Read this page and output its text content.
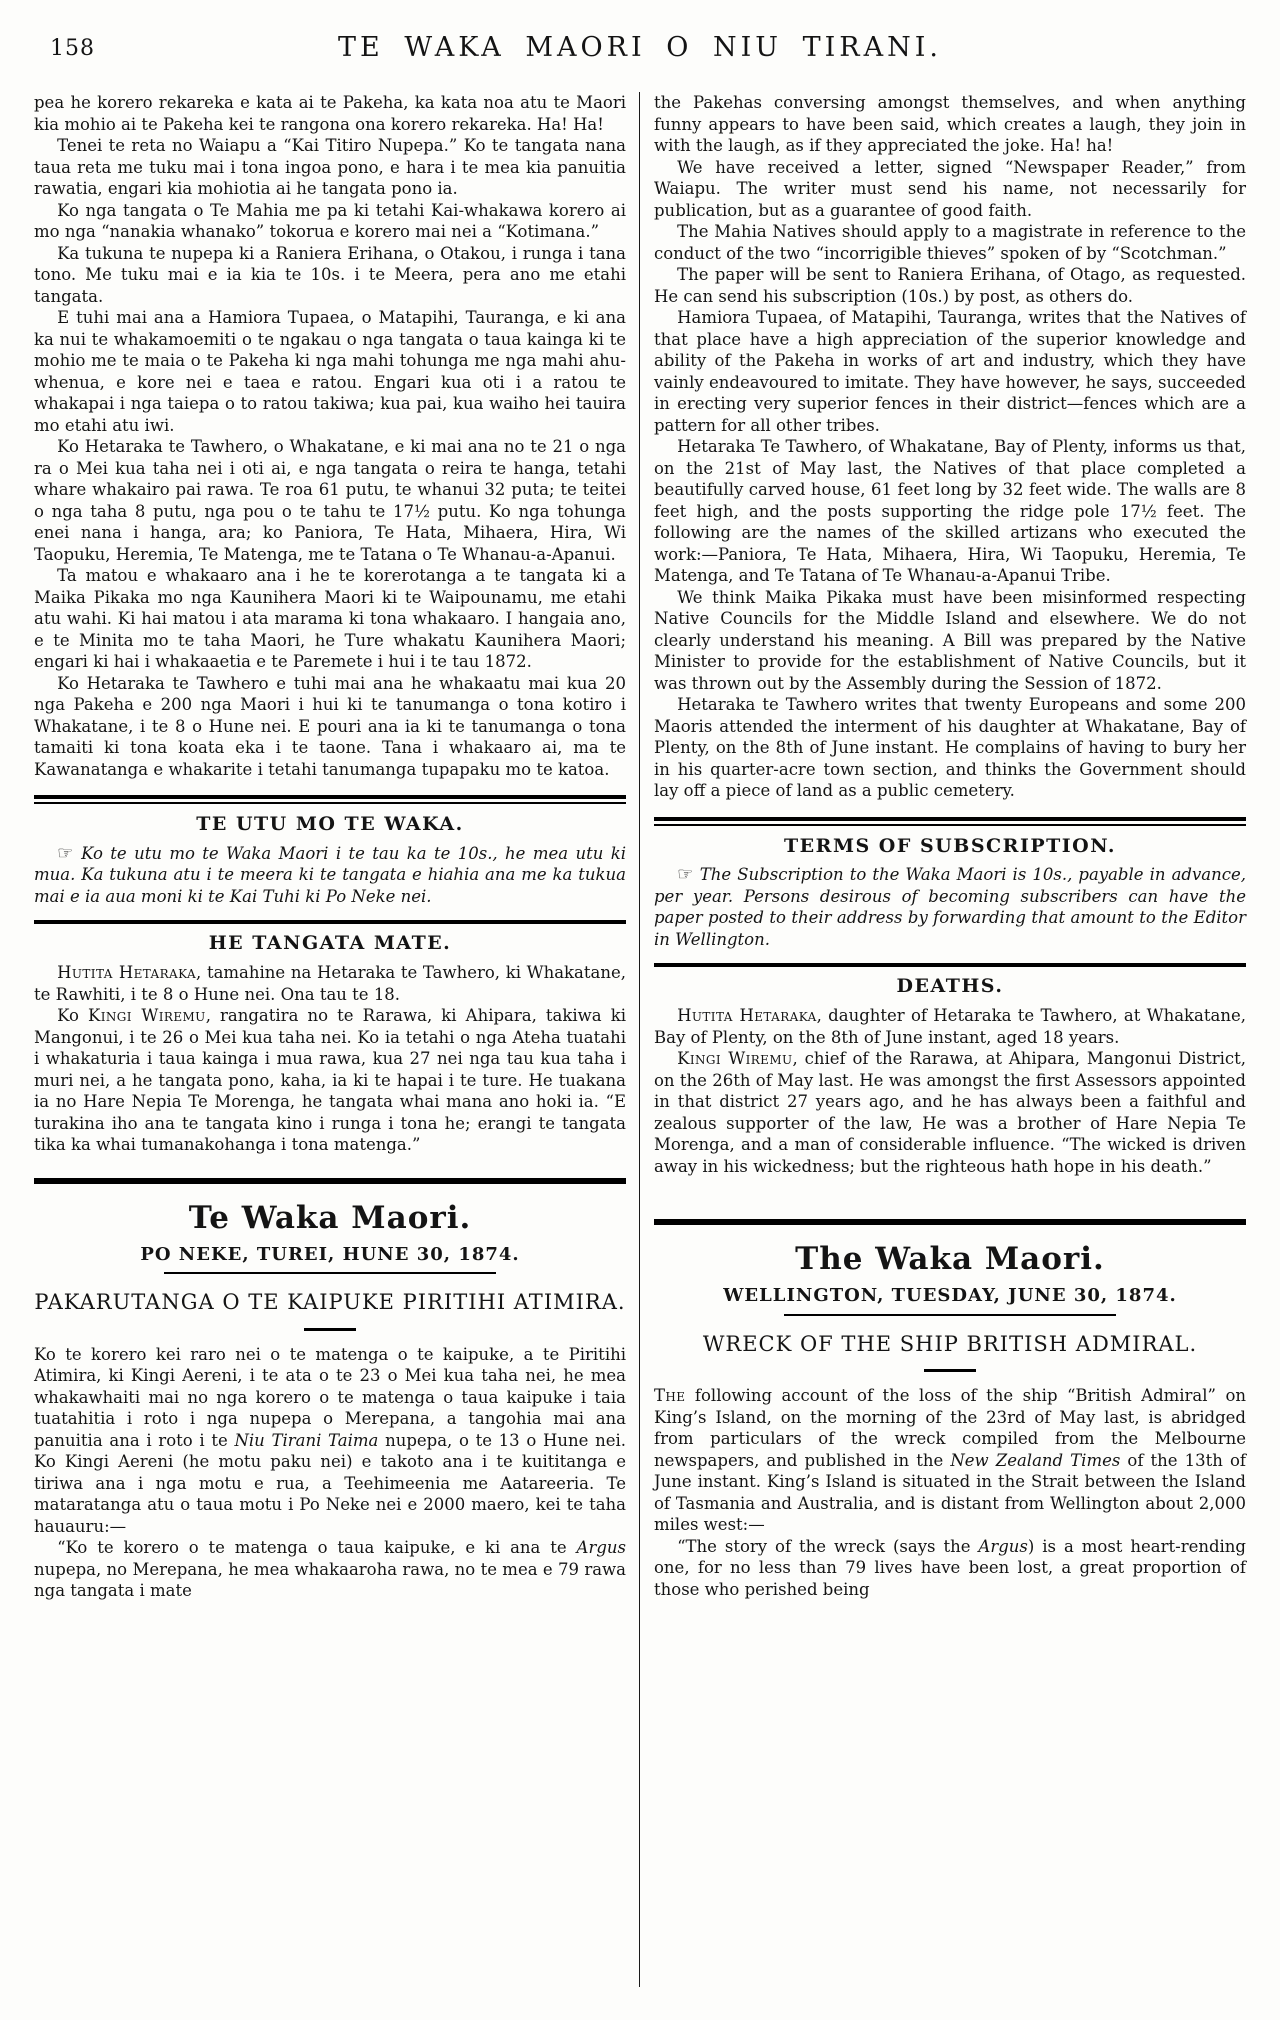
158	TE WAKA MAORI O NIU TIRANI.

pea he korero rekareka e kata ai te Pakeha, ka kata noa atu te Maori kia mohio ai te Pakeha kei te rangona ona korero rekareka. Ha! Ha!

Tenei te reta no Waiapu a “Kai Titiro Nupepa.” Ko te tangata nana taua reta me tuku mai i tona ingoa pono, e hara i te mea kia panuitia rawatia, engari kia mohiotia ai he tangata pono ia.

Ko nga tangata o Te Mahia me pa ki tetahi Kai-whakawa korero ai mo nga “nanakia whanako” tokorua e korero mai nei a “Kotimana.”

Ka tukuna te nupepa ki a Raniera Erihana, o Otakou, i runga i tana tono. Me tuku mai e ia kia te 10s. i te Meera, pera ano me etahi tangata.

E tuhi mai ana a Hamiora Tupaea, o Matapihi, Tauranga, e ki ana ka nui te whakamoemiti o te ngakau o nga tangata o taua kainga ki te mohio me te maia o te Pakeha ki nga mahi tohunga me nga mahi ahu-whenua, e kore nei e taea e ratou. Engari kua oti i a ratou te whakapai i nga taiepa o to ratou takiwa; kua pai, kua waiho hei tauira mo etahi atu iwi.

Ko Hetaraka te Tawhero, o Whakatane, e ki mai ana no te 21 o nga ra o Mei kua taha nei i oti ai, e nga tangata o reira te hanga, tetahi whare whakairo pai rawa. Te roa 61 putu, te whanui 32 puta; te teitei o nga taha 8 putu, nga pou o te tahu te 17½ putu. Ko nga tohunga enei nana i hanga, ara; ko Paniora, Te Hata, Mihaera, Hira, Wi Taopuku, Heremia, Te Matenga, me te Tatana o Te Whanau-a-Apanui.

Ta matou e whakaaro ana i he te korerotanga a te tangata ki a Maika Pikaka mo nga Kaunihera Maori ki te Waipounamu, me etahi atu wahi. Ki hai matou i ata marama ki tona whakaaro. I hangaia ano, e te Minita mo te taha Maori, he Ture whakatu Kaunihera Maori; engari ki hai i whakaaetia e te Paremete i hui i te tau 1872.

Ko Hetaraka te Tawhero e tuhi mai ana he whakaatu mai kua 20 nga Pakeha e 200 nga Maori i hui ki te tanumanga o tona kotiro i Whakatane, i te 8 o Hune nei. E pouri ana ia ki te tanumanga o tona tamaiti ki tona koata eka i te taone. Tana i whakaaro ai, ma te Kawanatanga e whakarite i tetahi tanumanga tupapaku mo te katoa.

TE UTU MO TE WAKA.

☞ Ko te utu mo te Waka Maori i te tau ka te 10s., he mea utu ki mua. Ka tukuna atu i te meera ki te tangata e hiahia ana me ka tukua mai e ia aua moni ki te Kai Tuhi ki Po Neke nei.

HE TANGATA MATE.

Hutita Hetaraka, tamahine na Hetaraka te Tawhero, ki Whakatane, te Rawhiti, i te 8 o Hune nei. Ona tau te 18.

Ko Kingi Wiremu, rangatira no te Rarawa, ki Ahipara, takiwa ki Mangonui, i te 26 o Mei kua taha nei. Ko ia tetahi o nga Ateha tuatahi i whakaturia i taua kainga i mua rawa, kua 27 nei nga tau kua taha i muri nei, a he tangata pono, kaha, ia ki te hapai i te ture. He tuakana ia no Hare Nepia Te Morenga, he tangata whai mana ano hoki ia. “E turakina iho ana te tangata kino i runga i tona he; erangi te tangata tika ka whai tumanakohanga i tona matenga.”

Te Waka Maori.
PO NEKE, TUREI, HUNE 30, 1874.
PAKARUTANGA O TE KAIPUKE PIRITIHI ATIMIRA.

Ko te korero kei raro nei o te matenga o te kaipuke, a te Piritihi Atimira, ki Kingi Aereni, i te ata o te 23 o Mei kua taha nei, he mea whakawhaiti mai no nga korero o te matenga o taua kaipuke i taia tuatahitia i roto i nga nupepa o Merepana, a tangohia mai ana panuitia ana i roto i te Niu Tirani Taima nupepa, o te 13 o Hune nei. Ko Kingi Aereni (he motu paku nei) e takoto ana i te kuititanga e tiriwa ana i nga motu e rua, a Teehimeenia me Aatareeria. Te mataratanga atu o taua motu i Po Neke nei e 2000 maero, kei te taha hauauru:—

“Ko te korero o te matenga o taua kaipuke, e ki ana te Argus nupepa, no Merepana, he mea whakaaroha rawa, no te mea e 79 rawa nga tangata i mate

the Pakehas conversing amongst themselves, and when anything funny appears to have been said, which creates a laugh, they join in with the laugh, as if they appreciated the joke. Ha! ha!

We have received a letter, signed “Newspaper Reader,” from Waiapu. The writer must send his name, not necessarily for publication, but as a guarantee of good faith.

The Mahia Natives should apply to a magistrate in reference to the conduct of the two “incorrigible thieves” spoken of by “Scotchman.”

The paper will be sent to Raniera Erihana, of Otago, as requested. He can send his subscription (10s.) by post, as others do.

Hamiora Tupaea, of Matapihi, Tauranga, writes that the Natives of that place have a high appreciation of the superior knowledge and ability of the Pakeha in works of art and industry, which they have vainly endeavoured to imitate. They have however, he says, succeeded in erecting very superior fences in their district—fences which are a pattern for all other tribes.

Hetaraka Te Tawhero, of Whakatane, Bay of Plenty, informs us that, on the 21st of May last, the Natives of that place completed a beautifully carved house, 61 feet long by 32 feet wide. The walls are 8 feet high, and the posts supporting the ridge pole 17½ feet. The following are the names of the skilled artizans who executed the work:—Paniora, Te Hata, Mihaera, Hira, Wi Taopuku, Heremia, Te Matenga, and Te Tatana of Te Whanau-a-Apanui Tribe.

We think Maika Pikaka must have been misinformed respecting Native Councils for the Middle Island and elsewhere. We do not clearly understand his meaning. A Bill was prepared by the Native Minister to provide for the establishment of Native Councils, but it was thrown out by the Assembly during the Session of 1872.

Hetaraka te Tawhero writes that twenty Europeans and some 200 Maoris attended the interment of his daughter at Whakatane, Bay of Plenty, on the 8th of June instant. He complains of having to bury her in his quarter-acre town section, and thinks the Government should lay off a piece of land as a public cemetery.

TERMS OF SUBSCRIPTION.

☞ The Subscription to the Waka Maori is 10s., payable in advance, per year. Persons desirous of becoming subscribers can have the paper posted to their address by forwarding that amount to the Editor in Wellington.

DEATHS.

Hutita Hetaraka, daughter of Hetaraka te Tawhero, at Whakatane, Bay of Plenty, on the 8th of June instant, aged 18 years.

Kingi Wiremu, chief of the Rarawa, at Ahipara, Mangonui District, on the 26th of May last. He was amongst the first Assessors appointed in that district 27 years ago, and he has always been a faithful and zealous supporter of the law, He was a brother of Hare Nepia Te Morenga, and a man of considerable influence. “The wicked is driven away in his wickedness; but the righteous hath hope in his death.”

The Waka Maori.
WELLINGTON, TUESDAY, JUNE 30, 1874.
WRECK OF THE SHIP BRITISH ADMIRAL.

The following account of the loss of the ship “British Admiral” on King’s Island, on the morning of the 23rd of May last, is abridged from particulars of the wreck compiled from the Melbourne newspapers, and published in the New Zealand Times of the 13th of June instant. King’s Island is situated in the Strait between the Island of Tasmania and Australia, and is distant from Wellington about 2,000 miles west:—

“The story of the wreck (says the Argus) is a most heart-rending one, for no less than 79 lives have been lost, a great proportion of those who perished being
